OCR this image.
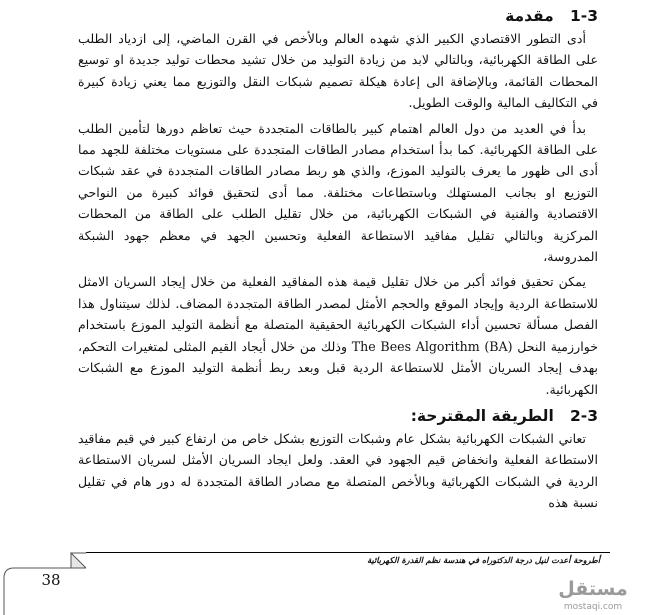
1-3   مقدمة

أدى التطور الاقتصادي الكبير الذي شهده العالم وبالأخص في القرن الماضي، إلى ازدياد الطلب على الطاقة الكهربائية، وبالتالي لابد من زيادة التوليد من خلال تشيد محطات توليد جديدة او توسيع المحطات القائمة، وبالإضافة الى إعادة هيكلة تصميم شبكات النقل والتوزيع مما يعني زيادة كبيرة في التكاليف المالية والوقت الطويل.

بدأ في العديد من دول العالم اهتمام كبير بالطاقات المتجددة حيث تعاظم دورها لتأمين الطلب على الطاقة الكهربائية. كما بدأ استخدام مصادر الطاقات المتجددة على مستويات مختلفة للجهد مما أدى الى ظهور ما يعرف بالتوليد الموزع، والذي هو ربط مصادر الطاقات المتجددة في عقد شبكات التوزيع او بجانب المستهلك وباستطاعات مختلفة. مما أدى لتحقيق فوائد كبيرة من النواحي الاقتصادية والفنية في الشبكات الكهربائية، من خلال تقليل الطلب على الطاقة من المحطات المركزية وبالتالي تقليل مفاقيد الاستطاعة الفعلية وتحسين الجهد في معظم جهود الشبكة المدروسة،

يمكن تحقيق فوائد أكبر من خلال تقليل قيمة هذه المفاقيد الفعلية من خلال إيجاد السريان الامثل للاستطاعة الردية وإيجاد الموقع والحجم الأمثل لمصدر الطاقة المتجددة المضاف. لذلك سيتناول هذا الفصل مسألة تحسين أداء الشبكات الكهربائية الحقيقية المتصلة مع أنظمة التوليد الموزع باستخدام خوارزمية النحل The Bees Algorithm (BA) وذلك من خلال أيجاد القيم المثلى لمتغيرات التحكم، بهدف إيجاد السريان الأمثل للاستطاعة الردية قبل وبعد ربط أنظمة التوليد الموزع مع الشبكات الكهربائية.

2-3   الطريقة المقترحة:

تعاني الشبكات الكهربائية بشكل عام وشبكات التوزيع بشكل خاص من ارتفاع كبير في قيم مفاقيد الاستطاعة الفعلية وانخفاض قيم الجهود في العقد. ولعل ايجاد السريان الأمثل لسريان الاستطاعة الردية في الشبكات الكهربائية وبالأخص المتصلة مع مصادر الطاقة المتجددة له دور هام في تقليل نسبة هذه

أطروحة أعدت لنيل درجة الدكتوراه في هندسة نظم القدرة الكهربائية
38	مستقل
mostaqi.com
